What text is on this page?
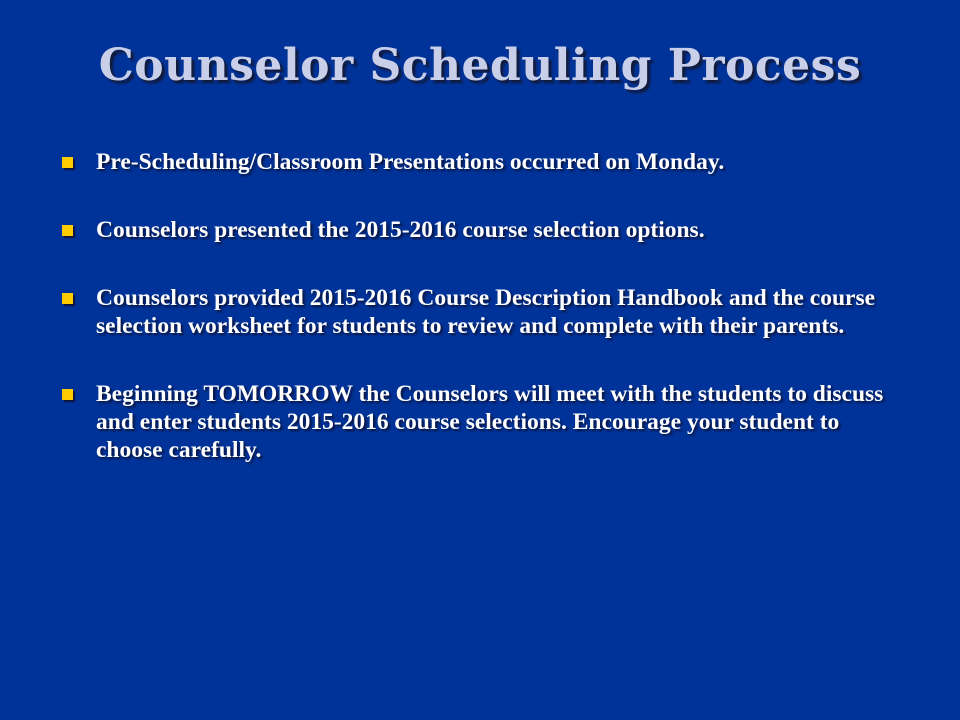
Counselor Scheduling Process
Pre-Scheduling/Classroom Presentations occurred on Monday.
Counselors presented the 2015-2016 course selection options.
Counselors provided 2015-2016 Course Description Handbook and the course selection worksheet for students to review and complete with their parents.
Beginning TOMORROW the Counselors will meet with the students to discuss and enter students 2015-2016 course selections. Encourage your student to choose carefully.
